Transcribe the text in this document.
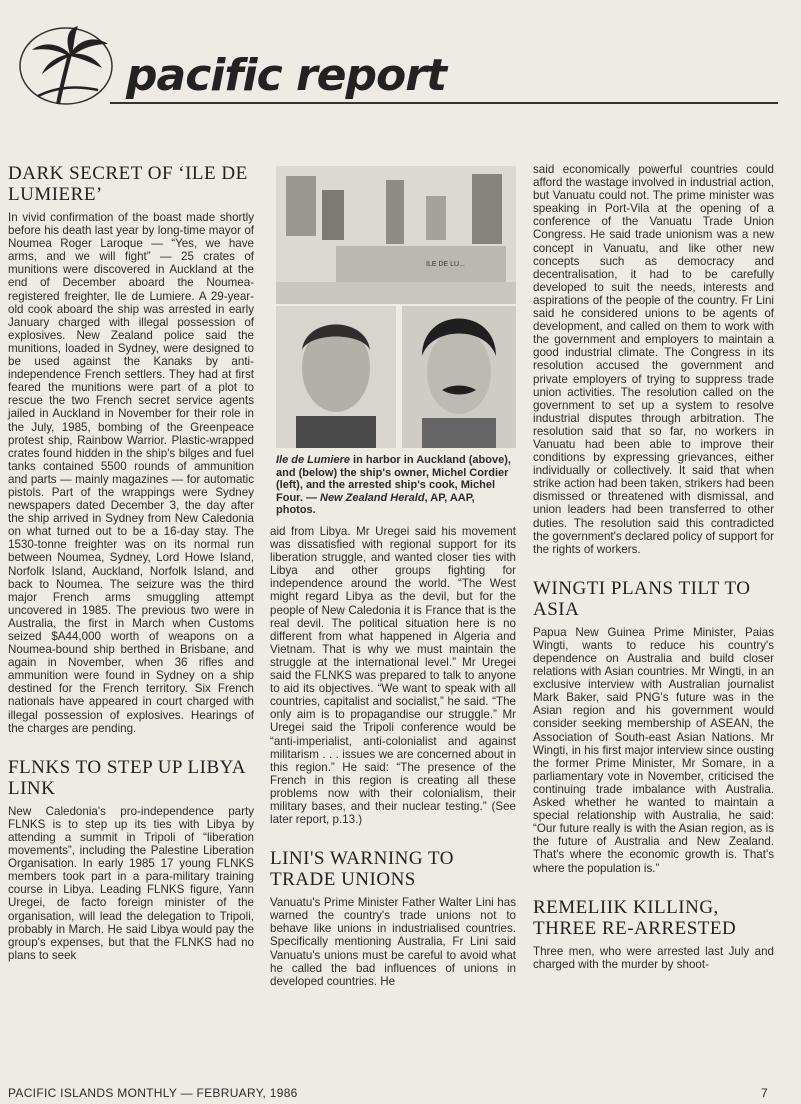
pacific report
DARK SECRET OF ‘ILE DE LUMIERE’

In vivid confirmation of the boast made shortly before his death last year by long-time mayor of Noumea Roger Laroque — “Yes, we have arms, and we will fight” — 25 crates of munitions were discovered in Auckland at the end of December aboard the Noumea-registered freighter, Ile de Lumiere. A 29-year-old cook aboard the ship was arrested in early January charged with illegal possession of explosives. New Zealand police said the munitions, loaded in Sydney, were designed to be used against the Kanaks by anti-independence French settlers. They had at first feared the munitions were part of a plot to rescue the two French secret service agents jailed in Auckland in November for their role in the July, 1985, bombing of the Greenpeace protest ship, Rainbow Warrior. Plastic-wrapped crates found hidden in the ship's bilges and fuel tanks contained 5500 rounds of ammunition and parts — mainly magazines — for automatic pistols. Part of the wrappings were Sydney newspapers dated December 3, the day after the ship arrived in Sydney from New Caledonia on what turned out to be a 16-day stay. The 1530-tonne freighter was on its normal run between Noumea, Sydney, Lord Howe Island, Norfolk Island, Auckland, Norfolk Island, and back to Noumea. The seizure was the third major French arms smuggling attempt uncovered in 1985. The previous two were in Australia, the first in March when Customs seized $A44,000 worth of weapons on a Noumea-bound ship berthed in Brisbane, and again in November, when 36 rifles and ammunition were found in Sydney on a ship destined for the French territory. Six French nationals have appeared in court charged with illegal possession of explosives. Hearings of the charges are pending.

FLNKS TO STEP UP LIBYA LINK

New Caledonia's pro-independence party FLNKS is to step up its ties with Libya by attending a summit in Tripoli of “liberation movements”, including the Palestine Liberation Organisation. In early 1985 17 young FLNKS members took part in a para-military training course in Libya. Leading FLNKS figure, Yann Uregei, de facto foreign minister of the organisation, will lead the delegation to Tripoli, probably in March. He said Libya would pay the group's expenses, but that the FLNKS had no plans to seek

ILE DE LU...
Ile de Lumiere in harbor in Auckland (above), and (below) the ship's owner, Michel Cordier (left), and the arrested ship's cook, Michel Four. — New Zealand Herald, AP, AAP, photos.

aid from Libya. Mr Uregei said his movement was dissatisfied with regional support for its liberation struggle, and wanted closer ties with Libya and other groups fighting for independence around the world. “The West might regard Libya as the devil, but for the people of New Caledonia it is France that is the real devil. The political situation here is no different from what happened in Algeria and Vietnam. That is why we must maintain the struggle at the international level.” Mr Uregei said the FLNKS was prepared to talk to anyone to aid its objectives. “We want to speak with all countries, capitalist and socialist,” he said. “The only aim is to propagandise our struggle.” Mr Uregei said the Tripoli conference would be “anti-imperialist, anti-colonialist and against militarism . . . issues we are concerned about in this region.” He said: “The presence of the French in this region is creating all these problems now with their colonialism, their military bases, and their nuclear testing.” (See later report, p.13.)

LINI'S WARNING TO TRADE UNIONS

Vanuatu's Prime Minister Father Walter Lini has warned the country's trade unions not to behave like unions in industrialised countries. Specifically mentioning Australia, Fr Lini said Vanuatu's unions must be careful to avoid what he called the bad influences of unions in developed countries. He

said economically powerful countries could afford the wastage involved in industrial action, but Vanuatu could not. The prime minister was speaking in Port-Vila at the opening of a conference of the Vanuatu Trade Union Congress. He said trade unionism was a new concept in Vanuatu, and like other new concepts such as democracy and decentralisation, it had to be carefully developed to suit the needs, interests and aspirations of the people of the country. Fr Lini said he considered unions to be agents of development, and called on them to work with the government and employers to maintain a good industrial climate. The Congress in its resolution accused the government and private employers of trying to suppress trade union activities. The resolution called on the government to set up a system to resolve industrial disputes through arbitration. The resolution said that so far, no workers in Vanuatu had been able to improve their conditions by expressing grievances, either individually or collectively. It said that when strike action had been taken, strikers had been dismissed or threatened with dismissal, and union leaders had been transferred to other duties. The resolution said this contradicted the government's declared policy of support for the rights of workers.

WINGTI PLANS TILT TO ASIA

Papua New Guinea Prime Minister, Paias Wingti, wants to reduce his country's dependence on Australia and build closer relations with Asian countries. Mr Wingti, in an exclusive interview with Australian journalist Mark Baker, said PNG's future was in the Asian region and his government would consider seeking membership of ASEAN, the Association of South-east Asian Nations. Mr Wingti, in his first major interview since ousting the former Prime Minister, Mr Somare, in a parliamentary vote in November, criticised the continuing trade imbalance with Australia. Asked whether he wanted to maintain a special relationship with Australia, he said: “Our future really is with the Asian region, as is the future of Australia and New Zealand. That's where the economic growth is. That's where the population is.”

REMELIIK KILLING, THREE RE-ARRESTED

Three men, who were arrested last July and charged with the murder by shoot-

PACIFIC ISLANDS MONTHLY — FEBRUARY, 1986	7
